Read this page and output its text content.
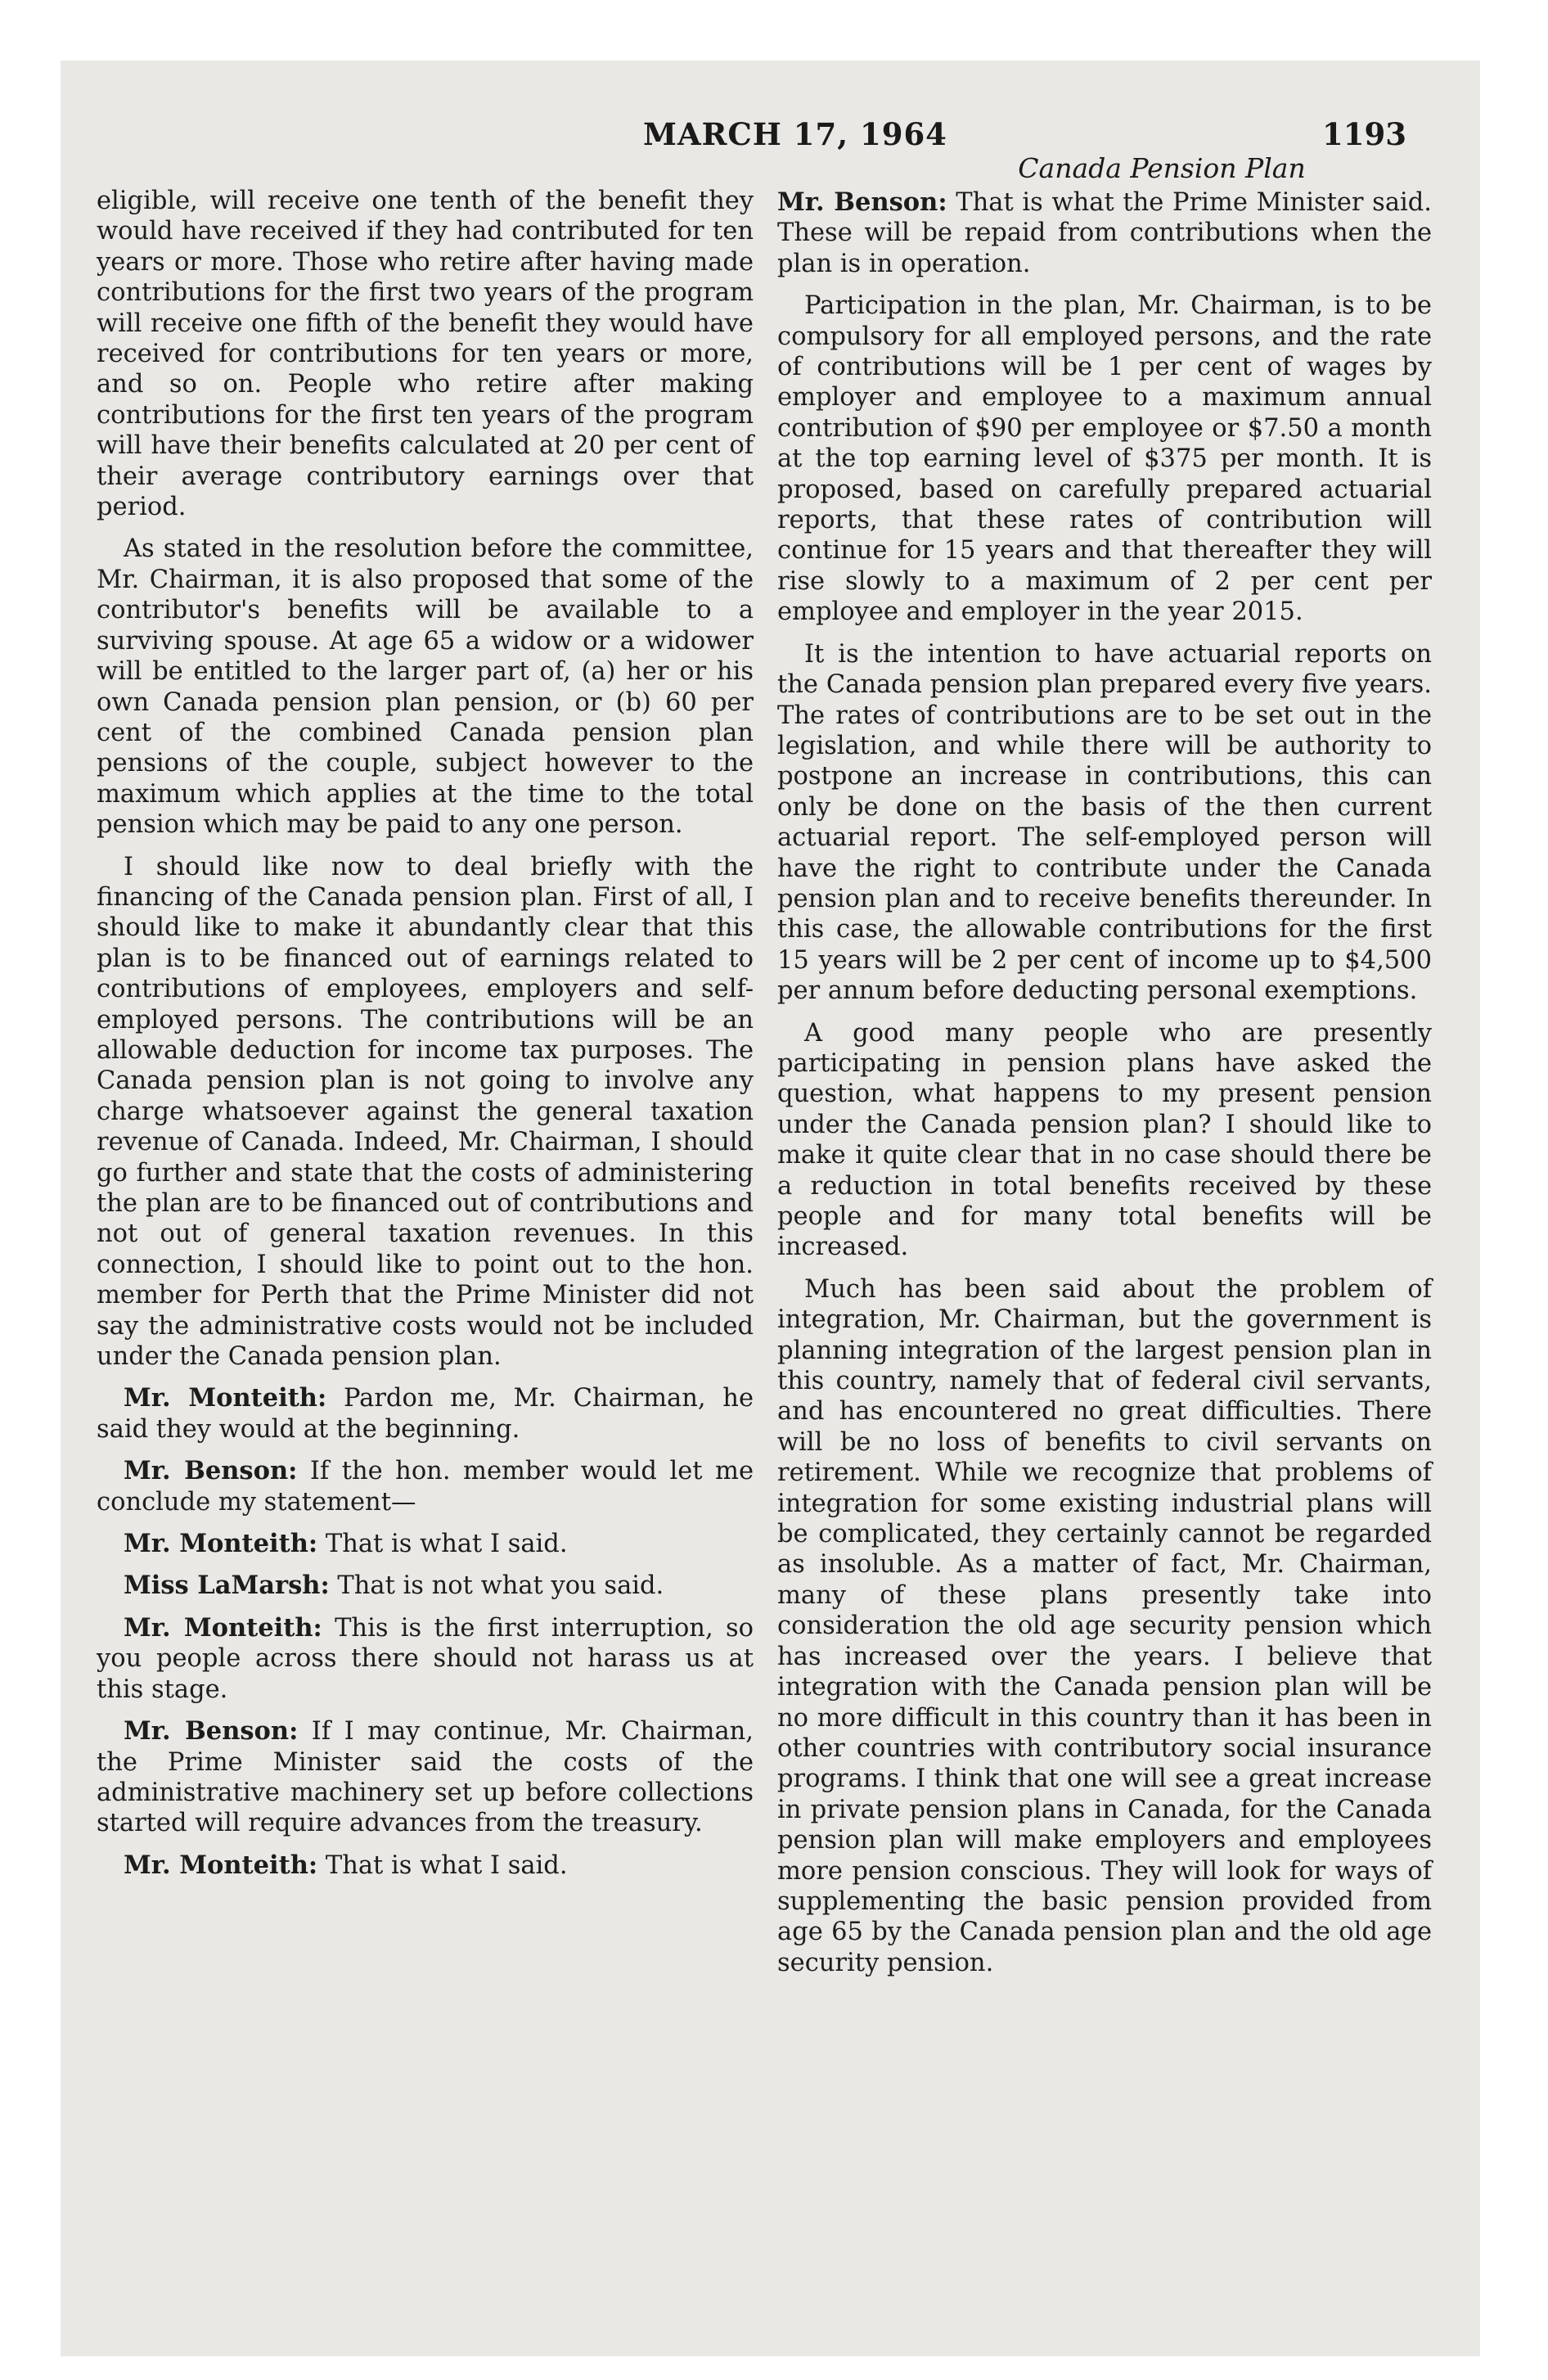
MARCH 17, 1964	1193
Canada Pension Plan

eligible, will receive one tenth of the benefit they would have received if they had contributed for ten years or more. Those who retire after having made contributions for the first two years of the program will receive one fifth of the benefit they would have received for contributions for ten years or more, and so on. People who retire after making contributions for the first ten years of the program will have their benefits calculated at 20 per cent of their average contributory earnings over that period.

As stated in the resolution before the committee, Mr. Chairman, it is also proposed that some of the contributor's benefits will be available to a surviving spouse. At age 65 a widow or a widower will be entitled to the larger part of, (a) her or his own Canada pension plan pension, or (b) 60 per cent of the combined Canada pension plan pensions of the couple, subject however to the maximum which applies at the time to the total pension which may be paid to any one person.

I should like now to deal briefly with the financing of the Canada pension plan. First of all, I should like to make it abundantly clear that this plan is to be financed out of earnings related to contributions of employees, employers and self-employed persons. The contributions will be an allowable deduction for income tax purposes. The Canada pension plan is not going to involve any charge whatsoever against the general taxation revenue of Canada. Indeed, Mr. Chairman, I should go further and state that the costs of administering the plan are to be financed out of contributions and not out of general taxation revenues. In this connection, I should like to point out to the hon. member for Perth that the Prime Minister did not say the administrative costs would not be included under the Canada pension plan.

Mr. Monteith: Pardon me, Mr. Chairman, he said they would at the beginning.

Mr. Benson: If the hon. member would let me conclude my statement—

Mr. Monteith: That is what I said.

Miss LaMarsh: That is not what you said.

Mr. Monteith: This is the first interruption, so you people across there should not harass us at this stage.

Mr. Benson: If I may continue, Mr. Chairman, the Prime Minister said the costs of the administrative machinery set up before collections started will require advances from the treasury.

Mr. Monteith: That is what I said.

Mr. Benson: That is what the Prime Minister said. These will be repaid from contributions when the plan is in operation.

Participation in the plan, Mr. Chairman, is to be compulsory for all employed persons, and the rate of contributions will be 1 per cent of wages by employer and employee to a maximum annual contribution of $90 per employee or $7.50 a month at the top earning level of $375 per month. It is proposed, based on carefully prepared actuarial reports, that these rates of contribution will continue for 15 years and that thereafter they will rise slowly to a maximum of 2 per cent per employee and employer in the year 2015.

It is the intention to have actuarial reports on the Canada pension plan prepared every five years. The rates of contributions are to be set out in the legislation, and while there will be authority to postpone an increase in contributions, this can only be done on the basis of the then current actuarial report. The self-employed person will have the right to contribute under the Canada pension plan and to receive benefits thereunder. In this case, the allowable contributions for the first 15 years will be 2 per cent of income up to $4,500 per annum before deducting personal exemptions.

A good many people who are presently participating in pension plans have asked the question, what happens to my present pension under the Canada pension plan? I should like to make it quite clear that in no case should there be a reduction in total benefits received by these people and for many total benefits will be increased.

Much has been said about the problem of integration, Mr. Chairman, but the government is planning integration of the largest pension plan in this country, namely that of federal civil servants, and has encountered no great difficulties. There will be no loss of benefits to civil servants on retirement. While we recognize that problems of integration for some existing industrial plans will be complicated, they certainly cannot be regarded as insoluble. As a matter of fact, Mr. Chairman, many of these plans presently take into consideration the old age security pension which has increased over the years. I believe that integration with the Canada pension plan will be no more difficult in this country than it has been in other countries with contributory social insurance programs. I think that one will see a great increase in private pension plans in Canada, for the Canada pension plan will make employers and employees more pension conscious. They will look for ways of supplementing the basic pension provided from age 65 by the Canada pension plan and the old age security pension.
